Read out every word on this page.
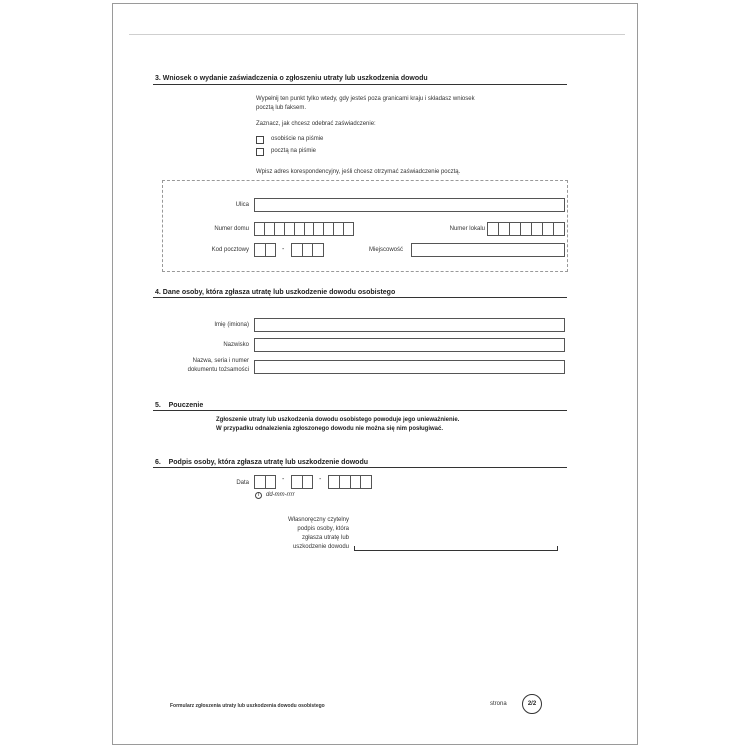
3. Wniosek o wydanie zaświadczenia o zgłoszeniu utraty lub uszkodzenia dowodu
Wypełnij ten punkt tylko wtedy, gdy jesteś poza granicami kraju i składasz wniosek
pocztą lub faksem.
Zaznacz, jak chcesz odebrać zaświadczenie:
osobiście na piśmie
pocztą na piśmie
Wpisz adres korespondencyjny, jeśli chcesz otrzymać zaświadczenie pocztą.
Ulica
Numer domu	Numer lokalu
Kod pocztowy	-	Miejscowość
4. Dane osoby, która zgłasza utratę lub uszkodzenie dowodu osobistego
Imię (imiona)
Nazwisko
Nazwa, seria i numer
dokumentu tożsamości
5.    Pouczenie
Zgłoszenie utraty lub uszkodzenia dowodu osobistego powoduje jego unieważnienie.
W przypadku odnalezienia zgłoszonego dowodu nie można się nim posługiwać.
6.    Podpis osoby, która zgłasza utratę lub uszkodzenie dowodu
Data	-	-
i	dd-mm-rrrr
Własnoręczny czytelny
podpis osoby, która
zgłasza utratę lub
uszkodzenie dowodu
Formularz zgłoszenia utraty lub uszkodzenia dowodu osobistego	strona	2/2
